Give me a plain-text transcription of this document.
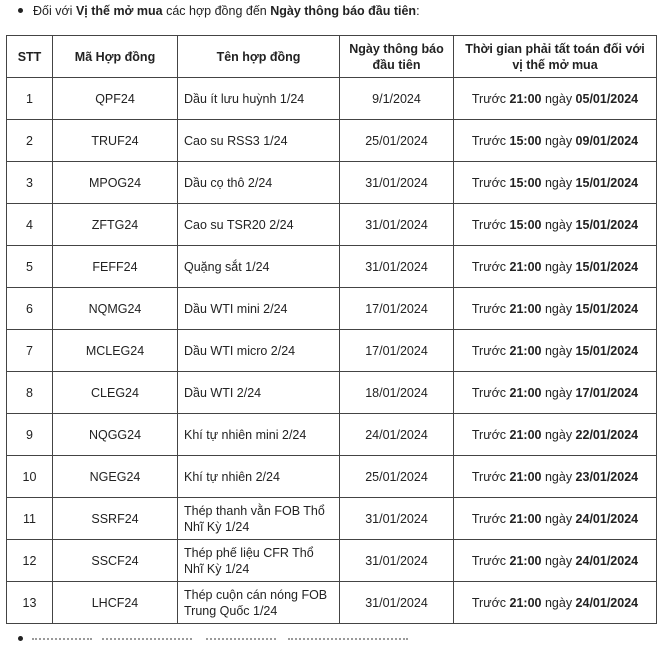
Đối với Vị thế mở mua các hợp đồng đến Ngày thông báo đầu tiên:
STT	Mã Hợp đồng	Tên hợp đồng	Ngày thông báo đầu tiên	Thời gian phải tất toán đối với vị thế mở mua
1	QPF24	Dầu ít lưu huỳnh 1/24	9/1/2024	Trước 21:00 ngày 05/01/2024
2	TRUF24	Cao su RSS3 1/24	25/01/2024	Trước 15:00 ngày 09/01/2024
3	MPOG24	Dầu cọ thô 2/24	31/01/2024	Trước 15:00 ngày 15/01/2024
4	ZFTG24	Cao su TSR20 2/24	31/01/2024	Trước 15:00 ngày 15/01/2024
5	FEFF24	Quặng sắt 1/24	31/01/2024	Trước 21:00 ngày 15/01/2024
6	NQMG24	Dầu WTI mini 2/24	17/01/2024	Trước 21:00 ngày 15/01/2024
7	MCLEG24	Dầu WTI micro 2/24	17/01/2024	Trước 21:00 ngày 15/01/2024
8	CLEG24	Dầu WTI 2/24	18/01/2024	Trước 21:00 ngày 17/01/2024
9	NQGG24	Khí tự nhiên mini 2/24	24/01/2024	Trước 21:00 ngày 22/01/2024
10	NGEG24	Khí tự nhiên 2/24	25/01/2024	Trước 21:00 ngày 23/01/2024
11	SSRF24	Thép thanh vằn FOB Thổ Nhĩ Kỳ 1/24	31/01/2024	Trước 21:00 ngày 24/01/2024
12	SSCF24	Thép phế liệu CFR Thổ Nhĩ Kỳ 1/24	31/01/2024	Trước 21:00 ngày 24/01/2024
13	LHCF24	Thép cuộn cán nóng FOB Trung Quốc 1/24	31/01/2024	Trước 21:00 ngày 24/01/2024
